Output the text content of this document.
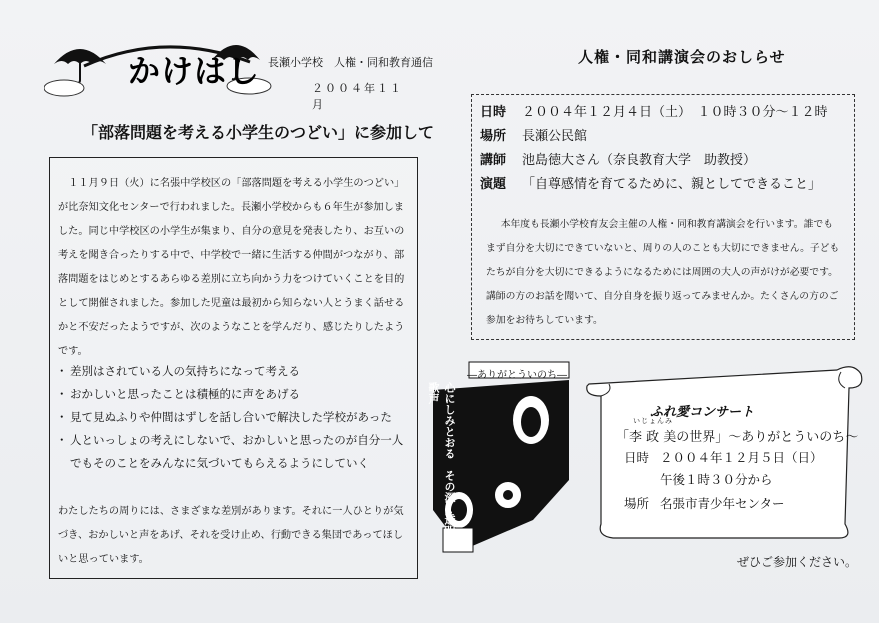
かけはし 長瀬小学校　人権・同和教育通信
２００４年１１月
「部落問題を考える小学生のつどい」に参加して

１１月９日（火）に名張中学校区の「部落問題を考える小学生のつどい」が比奈知文化センターで行われました。長瀬小学校からも６年生が参加しました。同じ中学校区の小学生が集まり、自分の意見を発表したり、お互いの考えを聞き合ったりする中で、中学校で一緒に生活する仲間がつながり、部落問題をはじめとするあらゆる差別に立ち向かう力をつけていくことを目的として開催されました。参加した児童は最初から知らない人とうまく話せるかと不安だったようですが、次のようなことを学んだり、感じたりしたようです。

・ 差別はされている人の気持ちになって考える
・ おかしいと思ったことは積極的に声をあげる
・ 見て見ぬふりや仲間はずしを話し合いで解決した学校があった
・ 人といっしょの考えにしないで、おかしいと思ったのが自分一人
でもそのことをみんなに気づいてもらえるようにしていく
わたしたちの周りには、さまざまな差別があります。それに一人ひとりが気づき、おかしいと声をあげ、それを受け止め、行動できる集団であってほしいと思っています。
人権・同和講演会のおしらせ
日時 ２００４年１２月４日（土）　１０時３０分～１２時
場所 長瀬公民館
講師 池島徳大さん（奈良教育大学　助教授）
演題 「自尊感情を育てるために、親としてできること」

本年度も長瀬小学校育友会主催の人権・同和教育講演会を行います。誰でもまず自分を大切にできていないと、周りの人のことも大切にできません。子どもたちが自分を大切にできるようになるためには周囲の大人の声がけが必要です。講師の方のお話を聞いて、自分自身を振り返ってみませんか。たくさんの方のご参加をお待ちしています。

―ありがとういのち―
心にしみとおる　その深く透明な歌声
ふれ愛コンサート
いじょんみ
「李 政 美の世界」～ありがとういのち～
日時 ２００４年１２月５日（日）
午後１時３０分から
場所 名張市青少年センター
ぜひご参加ください。
